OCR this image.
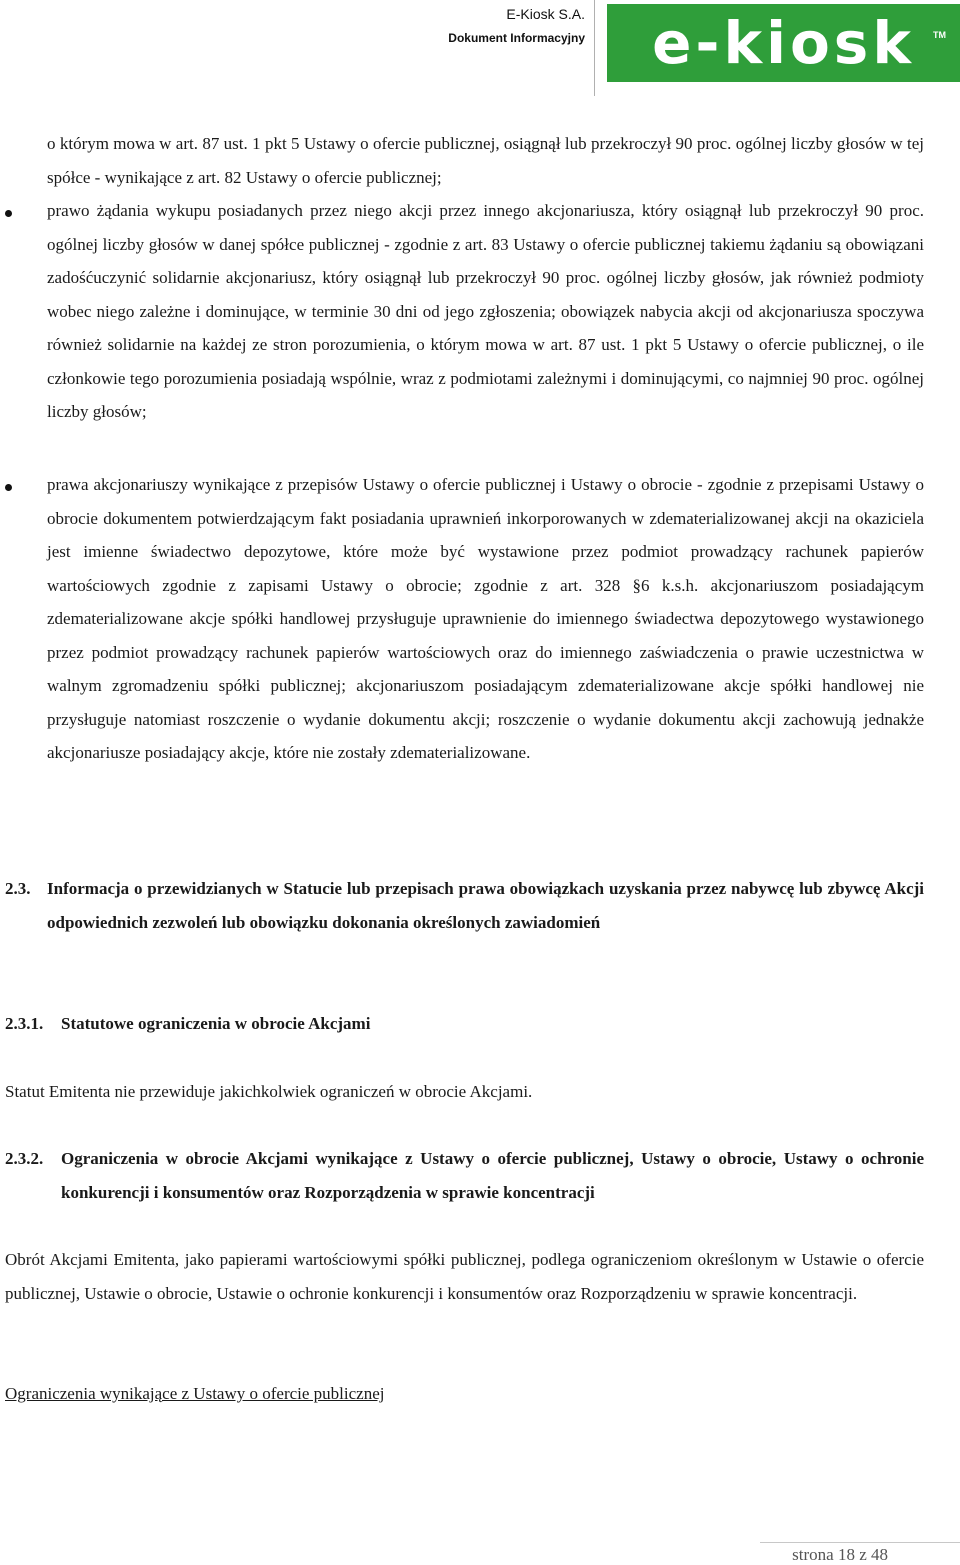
E-Kiosk S.A.
Dokument Informacyjny e-kiosk TM

o którym mowa w art. 87 ust. 1 pkt 5 Ustawy o ofercie publicznej, osiągnął lub przekroczył 90 proc. ogólnej liczby głosów w tej spółce - wynikające z art. 82 Ustawy o ofercie publicznej;

prawo żądania wykupu posiadanych przez niego akcji przez innego akcjonariusza, który osiągnął lub przekroczył 90 proc. ogólnej liczby głosów w danej spółce publicznej - zgodnie z art. 83 Ustawy o ofercie publicznej takiemu żądaniu są obowiązani zadośćuczynić solidarnie akcjonariusz, który osiągnął lub przekroczył 90 proc. ogólnej liczby głosów, jak również podmioty wobec niego zależne i dominujące, w terminie 30 dni od jego zgłoszenia; obowiązek nabycia akcji od akcjonariusza spoczywa również solidarnie na każdej ze stron porozumienia, o którym mowa w art. 87 ust. 1 pkt 5 Ustawy o ofercie publicznej, o ile członkowie tego porozumienia posiadają wspólnie, wraz z podmiotami zależnymi i dominującymi, co najmniej 90 proc. ogólnej liczby głosów;

prawa akcjonariuszy wynikające z przepisów Ustawy o ofercie publicznej i Ustawy o obrocie - zgodnie z przepisami Ustawy o obrocie dokumentem potwierdzającym fakt posiadania uprawnień inkorporowanych w zdematerializowanej akcji na okaziciela jest imienne świadectwo depozytowe, które może być wystawione przez podmiot prowadzący rachunek papierów wartościowych zgodnie z zapisami Ustawy o obrocie; zgodnie z art. 328 §6 k.s.h. akcjonariuszom posiadającym zdematerializowane akcje spółki handlowej przysługuje uprawnienie do imiennego świadectwa depozytowego wystawionego przez podmiot prowadzący rachunek papierów wartościowych oraz do imiennego zaświadczenia o prawie uczestnictwa w walnym zgromadzeniu spółki publicznej; akcjonariuszom posiadającym zdematerializowane akcje spółki handlowej nie przysługuje natomiast roszczenie o wydanie dokumentu akcji; roszczenie o wydanie dokumentu akcji zachowują jednakże akcjonariusze posiadający akcje, które nie zostały zdematerializowane.

2.3. Informacja o przewidzianych w Statucie lub przepisach prawa obowiązkach uzyskania przez nabywcę lub zbywcę Akcji odpowiednich zezwoleń lub obowiązku dokonania określonych zawiadomień

2.3.1. Statutowe ograniczenia w obrocie Akcjami

Statut Emitenta nie przewiduje jakichkolwiek ograniczeń w obrocie Akcjami.

2.3.2. Ograniczenia w obrocie Akcjami wynikające z Ustawy o ofercie publicznej, Ustawy o obrocie, Ustawy o ochronie konkurencji i konsumentów oraz Rozporządzenia w sprawie koncentracji

Obrót Akcjami Emitenta, jako papierami wartościowymi spółki publicznej, podlega ograniczeniom określonym w Ustawie o ofercie publicznej, Ustawie o obrocie, Ustawie o ochronie konkurencji i konsumentów oraz Rozporządzeniu w sprawie koncentracji.

Ograniczenia wynikające z Ustawy o ofercie publicznej

strona 18 z 48
